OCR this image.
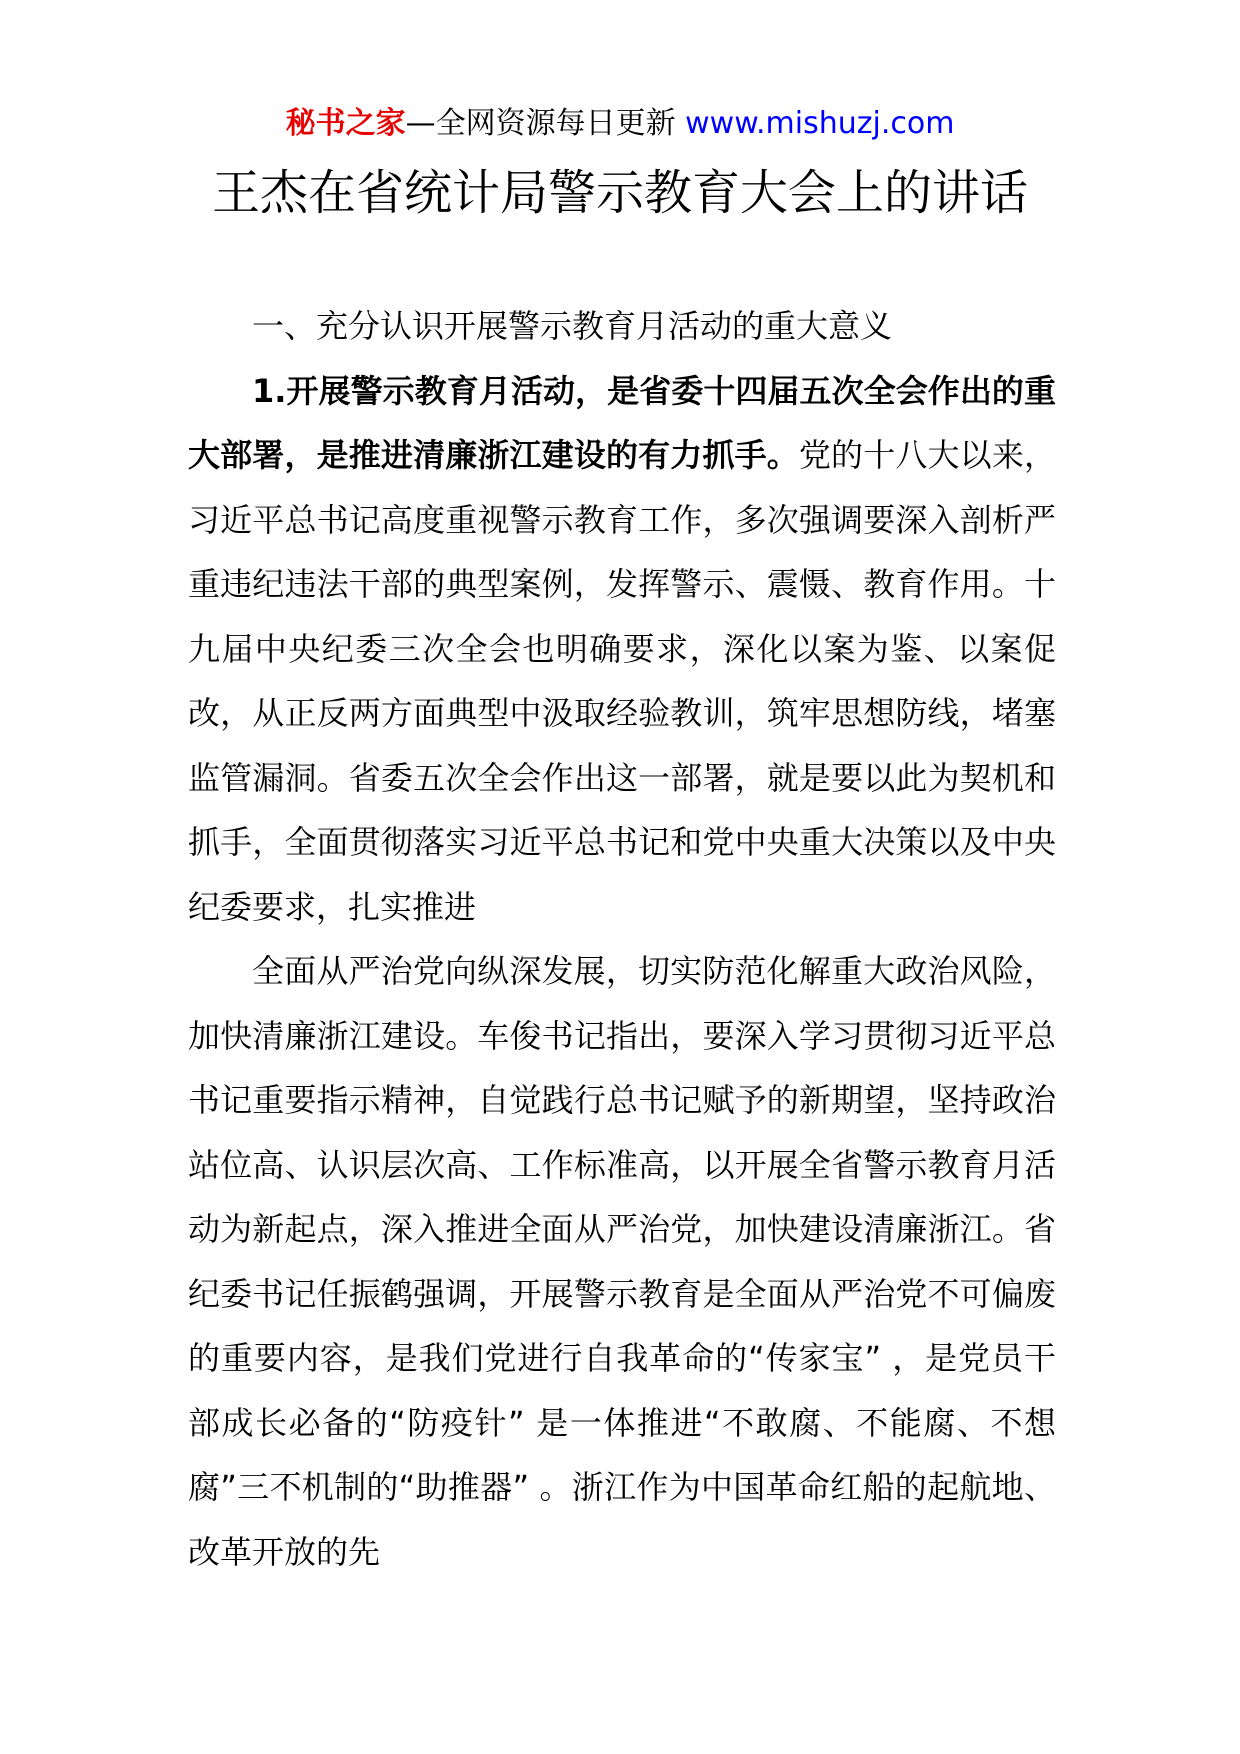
秘书之家—全网资源每日更新 www.mishuzj.com
王杰在省统计局警示教育大会上的讲话

一、充分认识开展警示教育月活动的重大意义

1.开展警示教育月活动，是省委十四届五次全会作出的重大部署，是推进清廉浙江建设的有力抓手。党的十八大以来，习近平总书记高度重视警示教育工作，多次强调要深入剖析严重违纪违法干部的典型案例，发挥警示、震慑、教育作用。十九届中央纪委三次全会也明确要求，深化以案为鉴、以案促改，从正反两方面典型中汲取经验教训，筑牢思想防线，堵塞监管漏洞。省委五次全会作出这一部署，就是要以此为契机和抓手，全面贯彻落实习近平总书记和党中央重大决策以及中央纪委要求，扎实推进

全面从严治党向纵深发展，切实防范化解重大政治风险，加快清廉浙江建设。车俊书记指出，要深入学习贯彻习近平总书记重要指示精神，自觉践行总书记赋予的新期望，坚持政治站位高、认识层次高、工作标准高，以开展全省警示教育月活动为新起点，深入推进全面从严治党，加快建设清廉浙江。省纪委书记任振鹤强调，开展警示教育是全面从严治党不可偏废的重要内容，是我们党进行自我革命的“传家宝” ，是党员干部成长必备的“防疫针” 是一体推进“不敢腐、不能腐、不想腐”三不机制的“助推器” 。浙江作为中国革命红船的起航地、改革开放的先
